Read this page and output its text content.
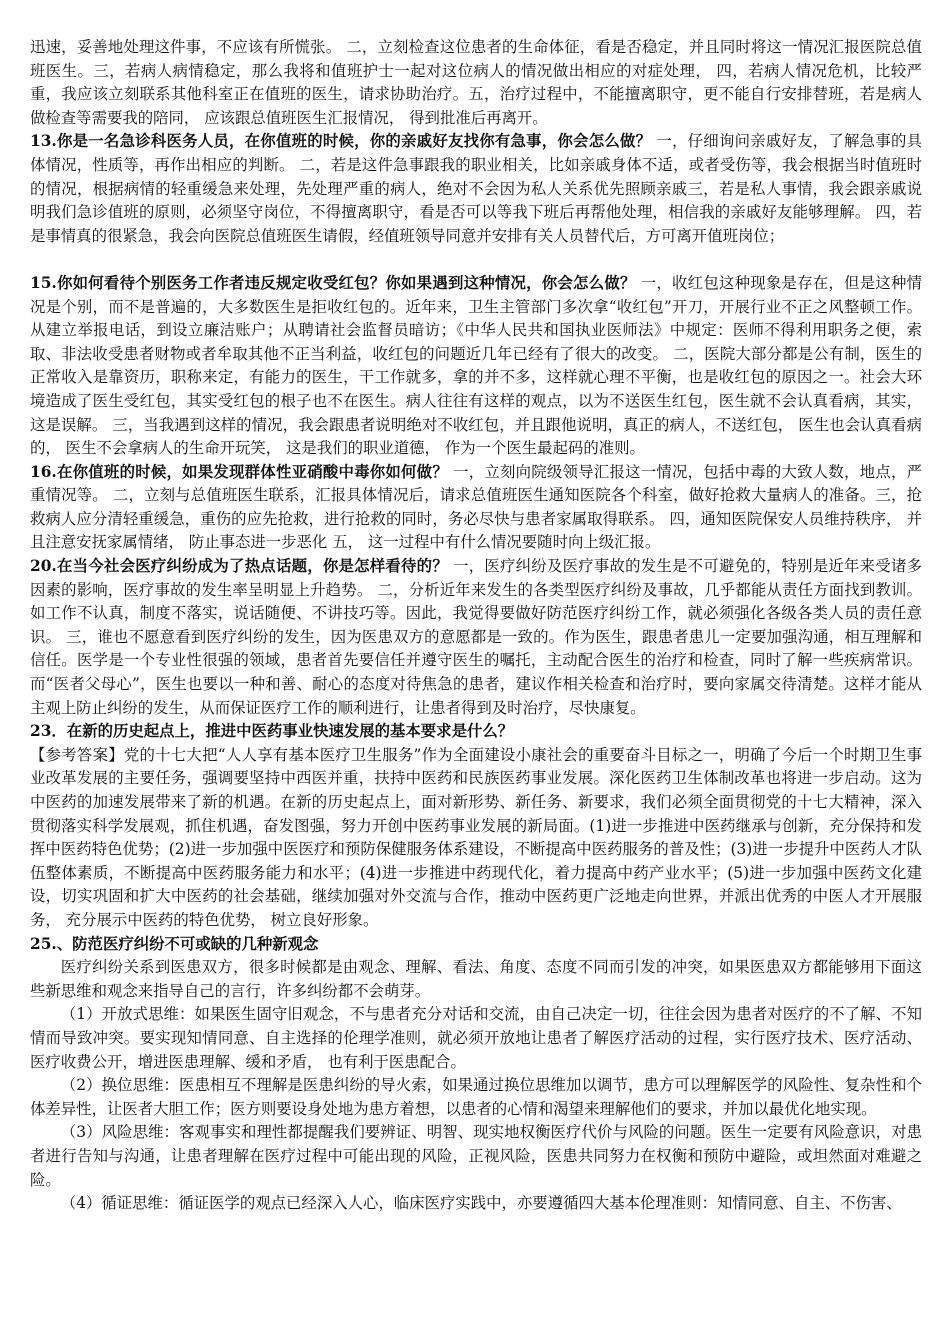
迅速，妥善地处理这件事，不应该有所慌张。 二，立刻检查这位患者的生命体征，看是否稳定，并且同时将这一情况汇报医院总值班医生。三，若病人病情稳定，那么我将和值班护士一起对这位病人的情况做出相应的对症处理， 四，若病人情况危机，比较严重，我应该立刻联系其他科室正在值班的医生，请求协助治疗。五，治疗过程中，不能擅离职守，更不能自行安排替班，若是病人做检查等需要我的陪同， 应该跟总值班医生汇报情况， 得到批准后再离开。

13.你是一名急诊科医务人员，在你值班的时候，你的亲戚好友找你有急事，你会怎么做？ 一，仔细询问亲戚好友，了解急事的具体情况，性质等，再作出相应的判断。 二，若是这件急事跟我的职业相关，比如亲戚身体不适，或者受伤等，我会根据当时值班时的情况，根据病情的轻重缓急来处理，先处理严重的病人，绝对不会因为私人关系优先照顾亲戚三，若是私人事情，我会跟亲戚说明我们急诊值班的原则，必须坚守岗位，不得擅离职守，看是否可以等我下班后再帮他处理，相信我的亲戚好友能够理解。 四，若是事情真的很紧急，我会向医院总值班医生请假，经值班领导同意并安排有关人员替代后，方可离开值班岗位；

15.你如何看待个别医务工作者违反规定收受红包？你如果遇到这种情况，你会怎么做？ 一，收红包这种现象是存在，但是这种情况是个别，而不是普遍的，大多数医生是拒收红包的。近年来，卫生主管部门多次拿“收红包”开刀，开展行业不正之风整顿工作。从建立举报电话，到设立廉洁账户；从聘请社会监督员暗访；《中华人民共和国执业医师法》中规定：医师不得利用职务之便，索取、非法收受患者财物或者牟取其他不正当利益，收红包的问题近几年已经有了很大的改变。 二，医院大部分都是公有制，医生的正常收入是靠资历，职称来定，有能力的医生，干工作就多，拿的并不多，这样就心理不平衡，也是收红包的原因之一。社会大环境造成了医生受红包，其实受红包的根子也不在医生。病人往往有这样的观点，以为不送医生红包，医生就不会认真看病，其实，这是误解。 三，当我遇到这样的情况，我会跟患者说明绝对不收红包，并且跟他说明，真正的病人，不送红包， 医生也会认真看病的， 医生不会拿病人的生命开玩笑， 这是我们的职业道德， 作为一个医生最起码的准则。

16.在你值班的时候，如果发现群体性亚硝酸中毒你如何做？ 一，立刻向院级领导汇报这一情况，包括中毒的大致人数，地点，严重情况等。 二，立刻与总值班医生联系，汇报具体情况后，请求总值班医生通知医院各个科室，做好抢救大量病人的准备。三，抢救病人应分清轻重缓急，重伤的应先抢救，进行抢救的同时，务必尽快与患者家属取得联系。 四，通知医院保安人员维持秩序， 并且注意安抚家属情绪， 防止事态进一步恶化 五， 这一过程中有什么情况要随时向上级汇报。

20.在当今社会医疗纠纷成为了热点话题，你是怎样看待的？ 一，医疗纠纷及医疗事故的发生是不可避免的，特别是近年来受诸多因素的影响，医疗事故的发生率呈明显上升趋势。 二，分析近年来发生的各类型医疗纠纷及事故，几乎都能从责任方面找到教训。如工作不认真，制度不落实，说话随便、不讲技巧等。因此，我觉得要做好防范医疗纠纷工作，就必须强化各级各类人员的责任意识。 三，谁也不愿意看到医疗纠纷的发生，因为医患双方的意愿都是一致的。作为医生，跟患者患儿一定要加强沟通，相互理解和信任。医学是一个专业性很强的领域，患者首先要信任并遵守医生的嘱托，主动配合医生的治疗和检查，同时了解一些疾病常识。而“医者父母心”，医生也要以一种和善、耐心的态度对待焦急的患者，建议作相关检查和治疗时，要向家属交待清楚。这样才能从主观上防止纠纷的发生，从而保证医疗工作的顺利进行，让患者得到及时治疗，尽快康复。

23．在新的历史起点上，推进中医药事业快速发展的基本要求是什么？

【参考答案】党的十七大把“人人享有基本医疗卫生服务”作为全面建设小康社会的重要奋斗目标之一，明确了今后一个时期卫生事业改革发展的主要任务，强调要坚持中西医并重，扶持中医药和民族医药事业发展。深化医药卫生体制改革也将进一步启动。这为中医药的加速发展带来了新的机遇。在新的历史起点上，面对新形势、新任务、新要求，我们必须全面贯彻党的十七大精神，深入贯彻落实科学发展观，抓住机遇，奋发图强，努力开创中医药事业发展的新局面。(1)进一步推进中医药继承与创新，充分保持和发挥中医药特色优势；(2)进一步加强中医医疗和预防保健服务体系建设，不断提高中医药服务的普及性；(3)进一步提升中医药人才队伍整体素质，不断提高中医药服务能力和水平；(4)进一步推进中药现代化，着力提高中药产业水平；(5)进一步加强中医药文化建设，切实巩固和扩大中医药的社会基础，继续加强对外交流与合作，推动中医药更广泛地走向世界，并派出优秀的中医人才开展服务， 充分展示中医药的特色优势， 树立良好形象。

25.、防范医疗纠纷不可或缺的几种新观念

医疗纠纷关系到医患双方，很多时候都是由观念、理解、看法、角度、态度不同而引发的冲突，如果医患双方都能够用下面这些新思维和观念来指导自己的言行，许多纠纷都不会萌芽。

（1）开放式思维：如果医生固守旧观念，不与患者充分对话和交流，由自己决定一切，往往会因为患者对医疗的不了解、不知情而导致冲突。要实现知情同意、自主选择的伦理学准则，就必须开放地让患者了解医疗活动的过程，实行医疗技术、医疗活动、医疗收费公开，增进医患理解、缓和矛盾， 也有利于医患配合。

（2）换位思维：医患相互不理解是医患纠纷的导火索，如果通过换位思维加以调节，患方可以理解医学的风险性、复杂性和个体差异性，让医者大胆工作；医方则要设身处地为患方着想，以患者的心情和渴望来理解他们的要求，并加以最优化地实现。

（3）风险思维：客观事实和理性都提醒我们要辨证、明智、现实地权衡医疗代价与风险的问题。医生一定要有风险意识，对患者进行告知与沟通，让患者理解在医疗过程中可能出现的风险，正视风险，医患共同努力在权衡和预防中避险，或坦然面对难避之险。

（4）循证思维：循证医学的观点已经深入人心，临床医疗实践中，亦要遵循四大基本伦理准则：知情同意、自主、不伤害、
